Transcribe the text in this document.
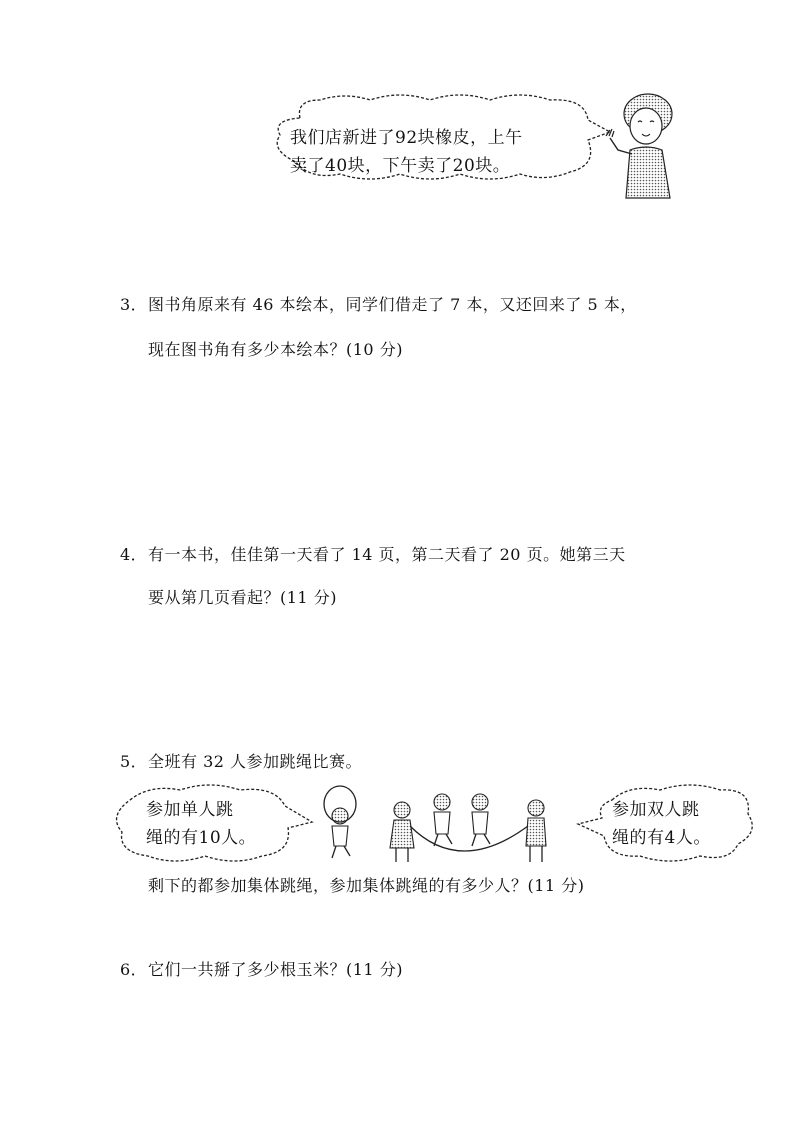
我们店新进了92块橡皮，上午
卖了40块，下午卖了20块。
3． 图书角原来有 46 本绘本，同学们借走了 7 本，又还回来了 5 本，
现在图书角有多少本绘本？(10 分)
4． 有一本书，佳佳第一天看了 14 页，第二天看了 20 页。她第三天
要从第几页看起？(11 分)
5． 全班有 32 人参加跳绳比赛。
参加单人跳
绳的有10人。
参加双人跳
绳的有4人。
剩下的都参加集体跳绳，参加集体跳绳的有多少人？(11 分)
6． 它们一共掰了多少根玉米？(11 分)
